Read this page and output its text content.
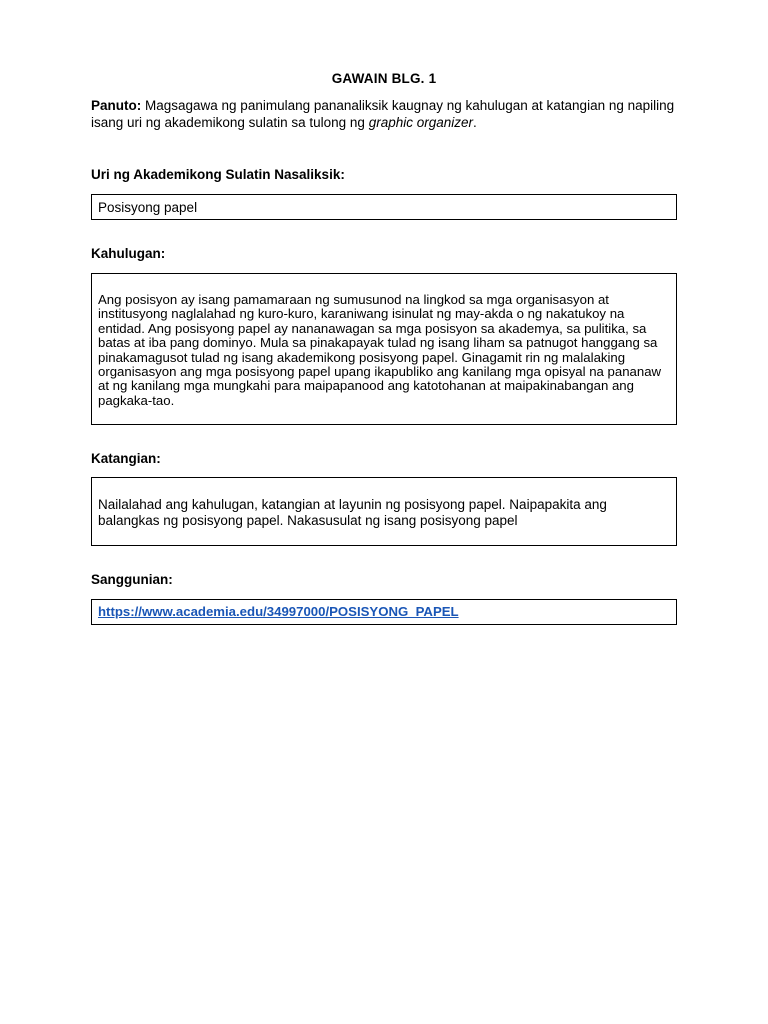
GAWAIN BLG. 1
Panuto: Magsagawa ng panimulang pananaliksik kaugnay ng kahulugan at katangian ng napiling isang uri ng akademikong sulatin sa tulong ng graphic organizer.
Uri ng Akademikong Sulatin Nasaliksik:
Posisyong papel
Kahulugan:
Ang posisyon ay isang pamamaraan ng sumusunod na lingkod sa mga organisasyon at institusyong naglalahad ng kuro-kuro, karaniwang isinulat ng may-akda o ng nakatukoy na entidad. Ang posisyong papel ay nananawagan sa mga posisyon sa akademya, sa pulitika, sa batas at iba pang dominyo. Mula sa pinakapayak tulad ng isang liham sa patnugot hanggang sa pinakamagusot tulad ng isang akademikong posisyong papel. Ginagamit rin ng malalaking organisasyon ang mga posisyong papel upang ikapubliko ang kanilang mga opisyal na pananaw at ng kanilang mga mungkahi para maipapanood ang katotohanan at maipakinabangan ang pagkaka-tao.
Katangian:
Nailalahad ang kahulugan, katangian at layunin ng posisyong papel. Naipapakita ang balangkas ng posisyong papel. Nakasusulat ng isang posisyong papel
Sanggunian:
https://www.academia.edu/34997000/POSISYONG_PAPEL
